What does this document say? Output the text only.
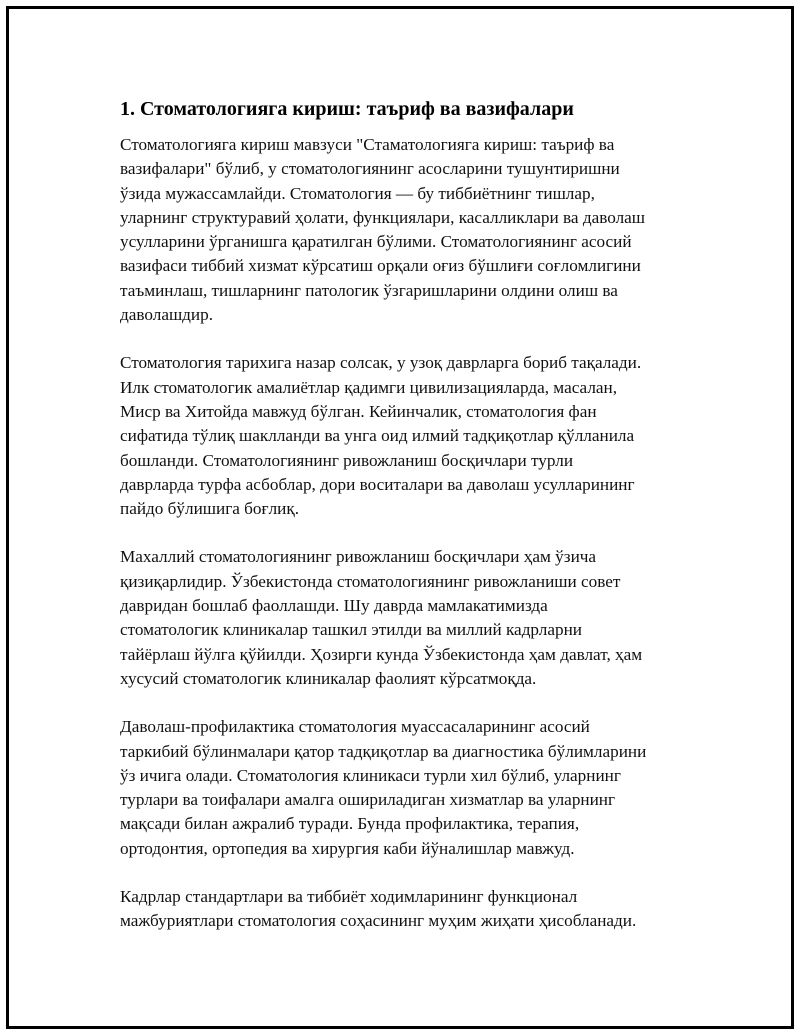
1. Стоматологияга кириш: таъриф ва вазифалари

Стоматологияга кириш мавзуси "Стаматологияга кириш: таъриф ва
вазифалари" бўлиб, у стоматологиянинг асосларини тушунтиришни
ўзида мужассамлайди. Стоматология — бу тиббиётнинг тишлар,
уларнинг структуравий ҳолати, функциялари, касалликлари ва даволаш
усулларини ўрганишга қаратилган бўлими. Стоматологиянинг асосий
вазифаси тиббий хизмат кўрсатиш орқали оғиз бўшлиғи соғломлигини
таъминлаш, тишларнинг патологик ўзгаришларини олдини олиш ва
даволашдир.

Стоматология тарихига назар солсак, у узоқ даврларга бориб тақалади.
Илк стоматологик амалиётлар қадимги цивилизацияларда, масалан,
Миср ва Хитойда мавжуд бўлган. Кейинчалик, стоматология фан
сифатида тўлиқ шаклланди ва унга оид илмий тадқиқотлар қўлланила
бошланди. Стоматологиянинг ривожланиш босқичлари турли
даврларда турфа асбоблар, дори воситалари ва даволаш усулларининг
пайдо бўлишига боғлиқ.

Махаллий стоматологиянинг ривожланиш босқичлари ҳам ўзича
қизиқарлидир. Ўзбекистонда стоматологиянинг ривожланиши совет
давридан бошлаб фаоллашди. Шу даврда мамлакатимизда
стоматологик клиникалар ташкил этилди ва миллий кадрларни
тайёрлаш йўлга қўйилди. Ҳозирги кунда Ўзбекистонда ҳам давлат, ҳам
хусусий стоматологик клиникалар фаолият кўрсатмоқда.

Даволаш-профилактика стоматология муассасаларининг асосий
таркибий бўлинмалари қатор тадқиқотлар ва диагностика бўлимларини
ўз ичига олади. Стоматология клиникаси турли хил бўлиб, уларнинг
турлари ва тоифалари амалга ошириладиган хизматлар ва уларнинг
мақсади билан ажралиб туради. Бунда профилактика, терапия,
ортодонтия, ортопедия ва хирургия каби йўналишлар мавжуд.

Кадрлар стандартлари ва тиббиёт ходимларининг функционал
мажбуриятлари стоматология соҳасининг муҳим жиҳати ҳисобланади.
